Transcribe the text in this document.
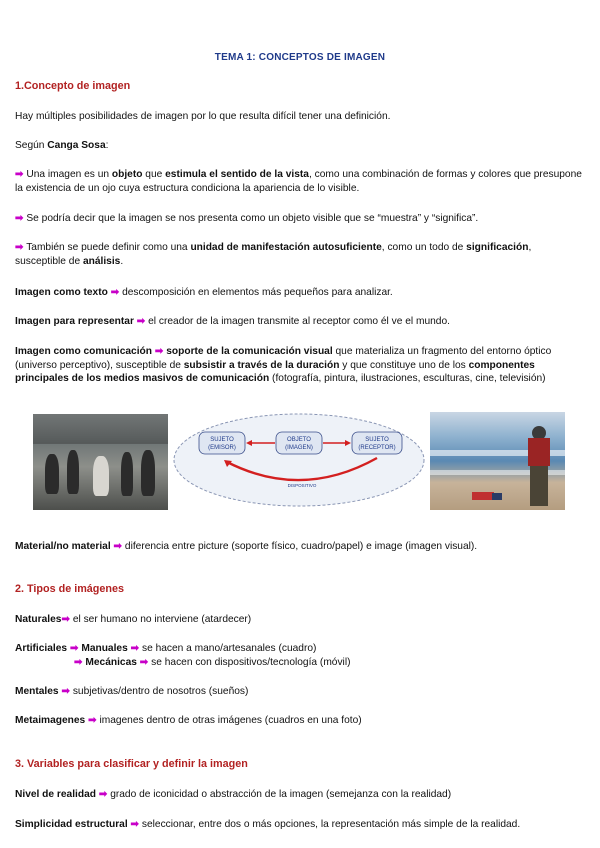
TEMA 1: CONCEPTOS DE IMAGEN
1.Concepto de imagen
Hay múltiples posibilidades de imagen por lo que resulta difícil tener una definición.
Según Canga Sosa:
➡ Una imagen es un objeto que estimula el sentido de la vista, como una combinación de formas y colores que presupone la existencia de un ojo cuya estructura condiciona la apariencia de lo visible.
➡ Se podría decir que la imagen se nos presenta como un objeto visible que se “muestra” y “significa”.
➡ También se puede definir como una unidad de manifestación autosuficiente, como un todo de significación, susceptible de análisis.
Imagen como texto ➡ descomposición en elementos más pequeños para analizar.
Imagen para representar ➡ el creador de la imagen transmite al receptor como él ve el mundo.
Imagen como comunicación ➡ soporte de la comunicación visual que materializa un fragmento del entorno óptico (universo perceptivo), susceptible de subsistir a través de la duración y que constituye uno de los componentes principales de los medios masivos de comunicación (fotografía, pintura, ilustraciones, esculturas, cine, televisión)
SUJETO
(EMISOR)
OBJETO
(IMAGEN)
SUJETO
(RECEPTOR)
DISPOSITIVO
Material/no material ➡ diferencia entre picture (soporte físico, cuadro/papel) e image (imagen visual).
2. Tipos de imágenes
Naturales➡ el ser humano no interviene (atardecer)
Artificiales ➡ Manuales ➡ se hacen a mano/artesanales (cuadro)
➡ Mecánicas ➡ se hacen con dispositivos/tecnología (móvil)
Mentales ➡ subjetivas/dentro de nosotros (sueños)
Metaimagenes ➡ imagenes dentro de otras imágenes (cuadros en una foto)
3. Variables para clasificar y definir la imagen
Nivel de realidad ➡ grado de iconicidad o abstracción de la imagen (semejanza con la realidad)
Simplicidad estructural ➡ seleccionar, entre dos o más opciones, la representación más simple de la realidad.
